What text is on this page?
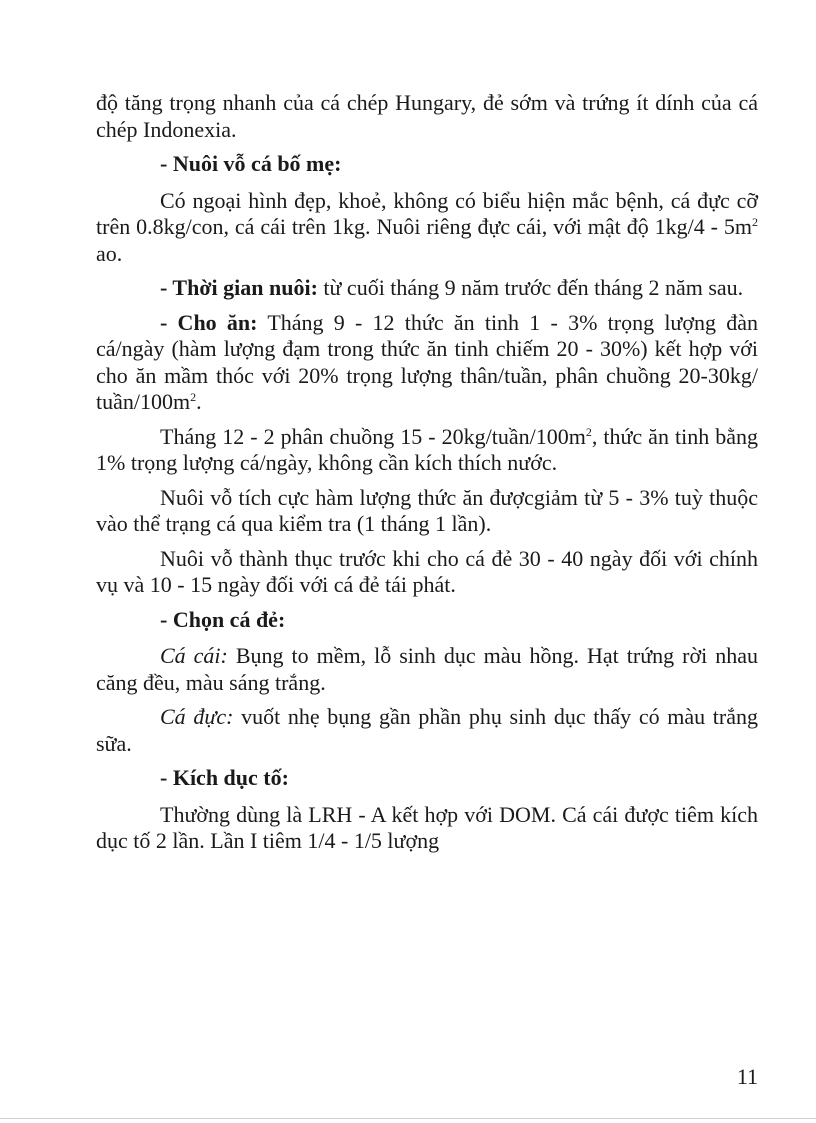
độ tăng trọng nhanh của cá chép Hungary, đẻ sớm và trứng ít dính của cá chép Indonexia.

- Nuôi vỗ cá bố mẹ:

Có ngoại hình đẹp, khoẻ, không có biểu hiện mắc bệnh, cá đực cỡ trên 0.8kg/con, cá cái trên 1kg. Nuôi riêng đực cái, với mật độ $1kg/4 - 5m^2$ ao.

- Thời gian nuôi: từ cuối tháng 9 năm trước đến tháng 2 năm sau.

- Cho ăn: Tháng 9 - 12 thức ăn tinh 1 - 3% trọng lượng đàn cá/ngày (hàm lượng đạm trong thức ăn tinh chiếm 20 - 30%) kết hợp với cho ăn mầm thóc với 20% trọng lượng thân/tuần, phân chuồng 20-30kg/ tuần/$100m^2$.

Tháng 12 - 2 phân chuồng $15 - 20kg/tuần/100m^2$, thức ăn tinh bằng 1% trọng lượng cá/ngày, không cần kích thích nước.

Nuôi vỗ tích cực hàm lượng thức ăn đượcgiảm từ 5 - 3% tuỳ thuộc vào thể trạng cá qua kiểm tra (1 tháng 1 lần).

Nuôi vỗ thành thục trước khi cho cá đẻ 30 - 40 ngày đối với chính vụ và 10 - 15 ngày đối với cá đẻ tái phát.

- Chọn cá đẻ:

Cá cái: Bụng to mềm, lỗ sinh dục màu hồng. Hạt trứng rời nhau căng đều, màu sáng trắng.

Cá đực: vuốt nhẹ bụng gần phần phụ sinh dục thấy có màu trắng sữa.

- Kích dục tố:

Thường dùng là LRH - A kết hợp với DOM. Cá cái được tiêm kích dục tố 2 lần. Lần I tiêm 1/4 - 1/5 lượng

11
